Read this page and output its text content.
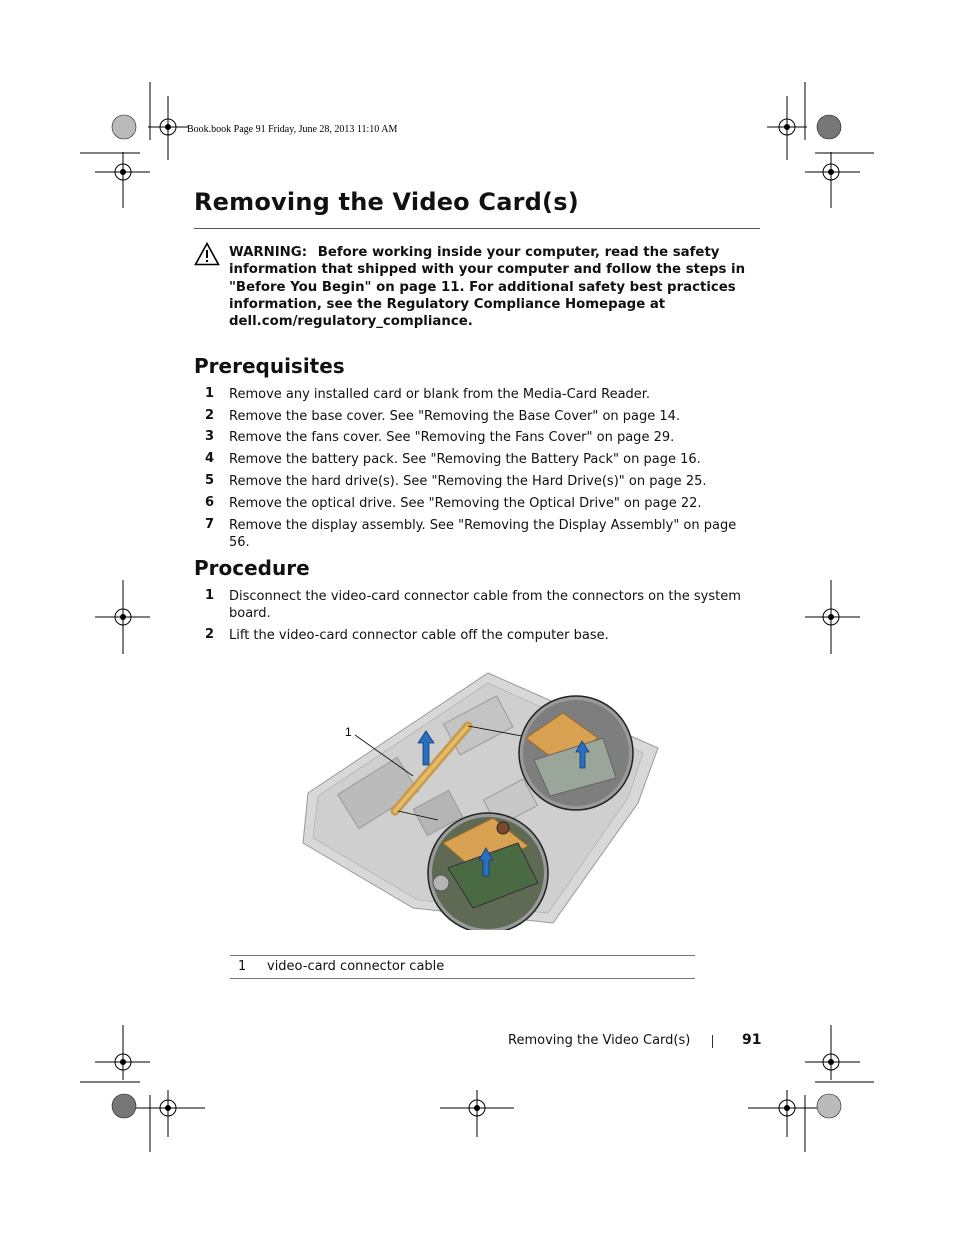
Book.book Page 91 Friday, June 28, 2013 11:10 AM
Removing the Video Card(s)
WARNING: Before working inside your computer, read the safety information that shipped with your computer and follow the steps in "Before You Begin" on page 11. For additional safety best practices information, see the Regulatory Compliance Homepage at dell.com/regulatory_compliance.
Prerequisites
1 Remove any installed card or blank from the Media-Card Reader.
2 Remove the base cover. See "Removing the Base Cover" on page 14.
3 Remove the fans cover. See "Removing the Fans Cover" on page 29.
4 Remove the battery pack. See "Removing the Battery Pack" on page 16.
5 Remove the hard drive(s). See "Removing the Hard Drive(s)" on page 25.
6 Remove the optical drive. See "Removing the Optical Drive" on page 22.
7 Remove the display assembly. See "Removing the Display Assembly" on page 56.
Procedure
1 Disconnect the video-card connector cable from the connectors on the system board.
2 Lift the video-card connector cable off the computer base.
1
1 video-card connector cable
Removing the Video Card(s)	91
